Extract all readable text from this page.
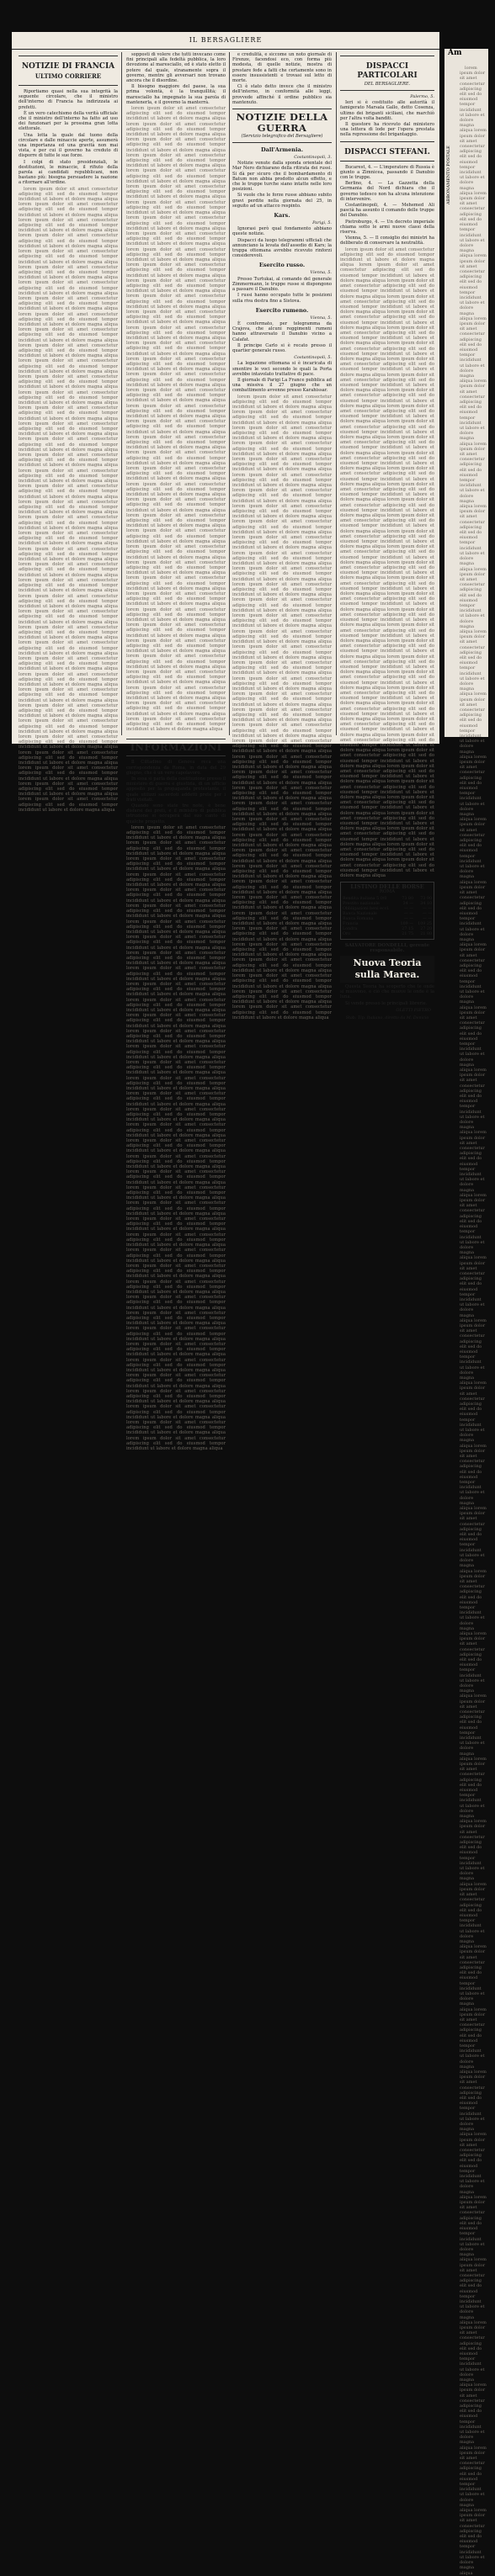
IL BERSAGLIERE
NOTIZIE DI FRANCIA
ULTIMO CORRIERE

Riportiamo quasi nella sua integrità la seguente circolare, che il ministro dell'interno di Francia ha indirizzata ai prefetti.

È un vero catechismo della verità ufficiale che il ministro dell'interno ha fatto ad uso dei funzionari per la prossima gran lotta elettorale.

Una lotta la quale dal tuono della circolare e dalle minaccie aperte, assumerà una importanza ed una gravità non mai vista, e per cui il governo ha creduto di disporre di tutte le sue forze.

I colpi di stato presidenziali, le destituzioni, le minaccie, il rifiuto della parola ai candidati repubblicani, non bastano più: bisogna persuadere la nazione a ritornare all'ordine.

lorem ipsum dolor sit amet consectetur adipiscing elit sed do eiusmod tempor incididunt ut labore et dolore magna aliqua lorem ipsum dolor sit amet consectetur adipiscing elit sed do eiusmod tempor incididunt ut labore et dolore magna aliqua lorem ipsum dolor sit amet consectetur adipiscing elit sed do eiusmod tempor incididunt ut labore et dolore magna aliqua lorem ipsum dolor sit amet consectetur adipiscing elit sed do eiusmod tempor incididunt ut labore et dolore magna aliqua lorem ipsum dolor sit amet consectetur adipiscing elit sed do eiusmod tempor incididunt ut labore et dolore magna aliqua lorem ipsum dolor sit amet consectetur adipiscing elit sed do eiusmod tempor incididunt ut labore et dolore magna aliqua lorem ipsum dolor sit amet consectetur adipiscing elit sed do eiusmod tempor incididunt ut labore et dolore magna aliqua lorem ipsum dolor sit amet consectetur adipiscing elit sed do eiusmod tempor incididunt ut labore et dolore magna aliqua lorem ipsum dolor sit amet consectetur adipiscing elit sed do eiusmod tempor incididunt ut labore et dolore magna aliqua lorem ipsum dolor sit amet consectetur adipiscing elit sed do eiusmod tempor incididunt ut labore et dolore magna aliqua lorem ipsum dolor sit amet consectetur adipiscing elit sed do eiusmod tempor incididunt ut labore et dolore magna aliqua lorem ipsum dolor sit amet consectetur adipiscing elit sed do eiusmod tempor incididunt ut labore et dolore magna aliqua lorem ipsum dolor sit amet consectetur adipiscing elit sed do eiusmod tempor incididunt ut labore et dolore magna aliqua lorem ipsum dolor sit amet consectetur adipiscing elit sed do eiusmod tempor incididunt ut labore et dolore magna aliqua lorem ipsum dolor sit amet consectetur adipiscing elit sed do eiusmod tempor incididunt ut labore et dolore magna aliqua lorem ipsum dolor sit amet consectetur adipiscing elit sed do eiusmod tempor incididunt ut labore et dolore magna aliqua lorem ipsum dolor sit amet consectetur adipiscing elit sed do eiusmod tempor incididunt ut labore et dolore magna aliqua lorem ipsum dolor sit amet consectetur adipiscing elit sed do eiusmod tempor incididunt ut labore et dolore magna aliqua lorem ipsum dolor sit amet consectetur adipiscing elit sed do eiusmod tempor incididunt ut labore et dolore magna aliqua lorem ipsum dolor sit amet consectetur adipiscing elit sed do eiusmod tempor incididunt ut labore et dolore magna aliqua lorem ipsum dolor sit amet consectetur adipiscing elit sed do eiusmod tempor incididunt ut labore et dolore magna aliqua lorem ipsum dolor sit amet consectetur adipiscing elit sed do eiusmod tempor incididunt ut labore et dolore magna aliqua lorem ipsum dolor sit amet consectetur adipiscing elit sed do eiusmod tempor incididunt ut labore et dolore magna aliqua lorem ipsum dolor sit amet consectetur adipiscing elit sed do eiusmod tempor incididunt ut labore et dolore magna aliqua lorem ipsum dolor sit amet consectetur adipiscing elit sed do eiusmod tempor incididunt ut labore et dolore magna aliqua lorem ipsum dolor sit amet consectetur adipiscing elit sed do eiusmod tempor incididunt ut labore et dolore magna aliqua lorem ipsum dolor sit amet consectetur adipiscing elit sed do eiusmod tempor incididunt ut labore et dolore magna aliqua lorem ipsum dolor sit amet consectetur adipiscing elit sed do eiusmod tempor incididunt ut labore et dolore magna aliqua lorem ipsum dolor sit amet consectetur adipiscing elit sed do eiusmod tempor incididunt ut labore et dolore magna aliqua lorem ipsum dolor sit amet consectetur adipiscing elit sed do eiusmod tempor incididunt ut labore et dolore magna aliqua lorem ipsum dolor sit amet consectetur adipiscing elit sed do eiusmod tempor incididunt ut labore et dolore magna aliqua lorem ipsum dolor sit amet consectetur adipiscing elit sed do eiusmod tempor incididunt ut labore et dolore magna aliqua lorem ipsum dolor sit amet consectetur adipiscing elit sed do eiusmod tempor incididunt ut labore et dolore magna aliqua lorem ipsum dolor sit amet consectetur adipiscing elit sed do eiusmod tempor incididunt ut labore et dolore magna aliqua lorem ipsum dolor sit amet consectetur adipiscing elit sed do eiusmod tempor incididunt ut labore et dolore magna aliqua lorem ipsum dolor sit amet consectetur adipiscing elit sed do eiusmod tempor incididunt ut labore et dolore magna aliqua lorem ipsum dolor sit amet consectetur adipiscing elit sed do eiusmod tempor incididunt ut labore et dolore magna aliqua lorem ipsum dolor sit amet consectetur adipiscing elit sed do eiusmod tempor incididunt ut labore et dolore magna aliqua lorem ipsum dolor sit amet consectetur adipiscing elit sed do eiusmod tempor incididunt ut labore et dolore magna aliqua lorem ipsum dolor sit amet consectetur adipiscing elit sed do eiusmod tempor incididunt ut labore et dolore magna aliqua

sopposti di volere che tutti invecano come fini principali alla fedeltà pubblica, la loro devozione al maresciallo, ed è stato eletto il potere dal quale, stranamente sopra il governo, mentre gli avversari non trovano ancora che il disordine.

Il bisogno maggiore del paese, la sua prima volontà, è la tranquillità; il maresciallo ha impegnato la sua parola di mantenerla, e il governo la manterrà.

lorem ipsum dolor sit amet consectetur adipiscing elit sed do eiusmod tempor incididunt ut labore et dolore magna aliqua lorem ipsum dolor sit amet consectetur adipiscing elit sed do eiusmod tempor incididunt ut labore et dolore magna aliqua lorem ipsum dolor sit amet consectetur adipiscing elit sed do eiusmod tempor incididunt ut labore et dolore magna aliqua lorem ipsum dolor sit amet consectetur adipiscing elit sed do eiusmod tempor incididunt ut labore et dolore magna aliqua lorem ipsum dolor sit amet consectetur adipiscing elit sed do eiusmod tempor incididunt ut labore et dolore magna aliqua lorem ipsum dolor sit amet consectetur adipiscing elit sed do eiusmod tempor incididunt ut labore et dolore magna aliqua lorem ipsum dolor sit amet consectetur adipiscing elit sed do eiusmod tempor incididunt ut labore et dolore magna aliqua lorem ipsum dolor sit amet consectetur adipiscing elit sed do eiusmod tempor incididunt ut labore et dolore magna aliqua lorem ipsum dolor sit amet consectetur adipiscing elit sed do eiusmod tempor incididunt ut labore et dolore magna aliqua lorem ipsum dolor sit amet consectetur adipiscing elit sed do eiusmod tempor incididunt ut labore et dolore magna aliqua lorem ipsum dolor sit amet consectetur adipiscing elit sed do eiusmod tempor incididunt ut labore et dolore magna aliqua lorem ipsum dolor sit amet consectetur adipiscing elit sed do eiusmod tempor incididunt ut labore et dolore magna aliqua lorem ipsum dolor sit amet consectetur adipiscing elit sed do eiusmod tempor incididunt ut labore et dolore magna aliqua lorem ipsum dolor sit amet consectetur adipiscing elit sed do eiusmod tempor incididunt ut labore et dolore magna aliqua lorem ipsum dolor sit amet consectetur adipiscing elit sed do eiusmod tempor incididunt ut labore et dolore magna aliqua lorem ipsum dolor sit amet consectetur adipiscing elit sed do eiusmod tempor incididunt ut labore et dolore magna aliqua lorem ipsum dolor sit amet consectetur adipiscing elit sed do eiusmod tempor incididunt ut labore et dolore magna aliqua lorem ipsum dolor sit amet consectetur adipiscing elit sed do eiusmod tempor incididunt ut labore et dolore magna aliqua lorem ipsum dolor sit amet consectetur adipiscing elit sed do eiusmod tempor incididunt ut labore et dolore magna aliqua lorem ipsum dolor sit amet consectetur adipiscing elit sed do eiusmod tempor incididunt ut labore et dolore magna aliqua lorem ipsum dolor sit amet consectetur adipiscing elit sed do eiusmod tempor incididunt ut labore et dolore magna aliqua lorem ipsum dolor sit amet consectetur adipiscing elit sed do eiusmod tempor incididunt ut labore et dolore magna aliqua lorem ipsum dolor sit amet consectetur adipiscing elit sed do eiusmod tempor incididunt ut labore et dolore magna aliqua lorem ipsum dolor sit amet consectetur adipiscing elit sed do eiusmod tempor incididunt ut labore et dolore magna aliqua lorem ipsum dolor sit amet consectetur adipiscing elit sed do eiusmod tempor incididunt ut labore et dolore magna aliqua lorem ipsum dolor sit amet consectetur adipiscing elit sed do eiusmod tempor incididunt ut labore et dolore magna aliqua lorem ipsum dolor sit amet consectetur adipiscing elit sed do eiusmod tempor incididunt ut labore et dolore magna aliqua lorem ipsum dolor sit amet consectetur adipiscing elit sed do eiusmod tempor incididunt ut labore et dolore magna aliqua lorem ipsum dolor sit amet consectetur adipiscing elit sed do eiusmod tempor incididunt ut labore et dolore magna aliqua lorem ipsum dolor sit amet consectetur adipiscing elit sed do eiusmod tempor incididunt ut labore et dolore magna aliqua lorem ipsum dolor sit amet consectetur adipiscing elit sed do eiusmod tempor incididunt ut labore et dolore magna aliqua lorem ipsum dolor sit amet consectetur adipiscing elit sed do eiusmod tempor incididunt ut labore et dolore magna aliqua lorem ipsum dolor sit amet consectetur adipiscing elit sed do eiusmod tempor incididunt ut labore et dolore magna aliqua lorem ipsum dolor sit amet consectetur adipiscing elit sed do eiusmod tempor incididunt ut labore et dolore magna aliqua lorem ipsum dolor sit amet consectetur adipiscing elit sed do eiusmod tempor incididunt ut labore et dolore magna aliqua lorem ipsum dolor sit amet consectetur adipiscing elit sed do eiusmod tempor incididunt ut labore et dolore magna aliqua lorem ipsum dolor sit amet consectetur adipiscing elit sed do eiusmod tempor incididunt ut labore et dolore magna aliqua lorem ipsum dolor sit amet consectetur adipiscing elit sed do eiusmod tempor incididunt ut labore et dolore magna aliqua lorem ipsum dolor sit amet consectetur adipiscing elit sed do eiusmod tempor incididunt ut labore et dolore magna aliqua lorem ipsum dolor sit amet consectetur adipiscing elit sed do eiusmod tempor incididunt ut labore et dolore magna aliqua
INFORMAZIONI

Il Cittadino di Genova reca una corrispondenza da Roma, in data del 29 giugno, che è un vero capolavoro.

In essa si parla della costituzione presso il ministero di guerra e giustizia, di un ufficio apposito per la propaganda protestante, il quale utilizzi sacerdoti addetti prete per i frati visitati.

Quando sono state tre note, è bene disfarsi dei preti, e il ministro di pubblica istruzione si occuperà dal suo canto di qualche progetto.

lorem ipsum dolor sit amet consectetur adipiscing elit sed do eiusmod tempor incididunt ut labore et dolore magna aliqua lorem ipsum dolor sit amet consectetur adipiscing elit sed do eiusmod tempor incididunt ut labore et dolore magna aliqua lorem ipsum dolor sit amet consectetur adipiscing elit sed do eiusmod tempor incididunt ut labore et dolore magna aliqua lorem ipsum dolor sit amet consectetur adipiscing elit sed do eiusmod tempor incididunt ut labore et dolore magna aliqua lorem ipsum dolor sit amet consectetur adipiscing elit sed do eiusmod tempor incididunt ut labore et dolore magna aliqua lorem ipsum dolor sit amet consectetur adipiscing elit sed do eiusmod tempor incididunt ut labore et dolore magna aliqua lorem ipsum dolor sit amet consectetur adipiscing elit sed do eiusmod tempor incididunt ut labore et dolore magna aliqua lorem ipsum dolor sit amet consectetur adipiscing elit sed do eiusmod tempor incididunt ut labore et dolore magna aliqua lorem ipsum dolor sit amet consectetur adipiscing elit sed do eiusmod tempor incididunt ut labore et dolore magna aliqua lorem ipsum dolor sit amet consectetur adipiscing elit sed do eiusmod tempor incididunt ut labore et dolore magna aliqua lorem ipsum dolor sit amet consectetur adipiscing elit sed do eiusmod tempor incididunt ut labore et dolore magna aliqua lorem ipsum dolor sit amet consectetur adipiscing elit sed do eiusmod tempor incididunt ut labore et dolore magna aliqua lorem ipsum dolor sit amet consectetur adipiscing elit sed do eiusmod tempor incididunt ut labore et dolore magna aliqua lorem ipsum dolor sit amet consectetur adipiscing elit sed do eiusmod tempor incididunt ut labore et dolore magna aliqua lorem ipsum dolor sit amet consectetur adipiscing elit sed do eiusmod tempor incididunt ut labore et dolore magna aliqua lorem ipsum dolor sit amet consectetur adipiscing elit sed do eiusmod tempor incididunt ut labore et dolore magna aliqua lorem ipsum dolor sit amet consectetur adipiscing elit sed do eiusmod tempor incididunt ut labore et dolore magna aliqua lorem ipsum dolor sit amet consectetur adipiscing elit sed do eiusmod tempor incididunt ut labore et dolore magna aliqua lorem ipsum dolor sit amet consectetur adipiscing elit sed do eiusmod tempor incididunt ut labore et dolore magna aliqua lorem ipsum dolor sit amet consectetur adipiscing elit sed do eiusmod tempor incididunt ut labore et dolore magna aliqua lorem ipsum dolor sit amet consectetur adipiscing elit sed do eiusmod tempor incididunt ut labore et dolore magna aliqua lorem ipsum dolor sit amet consectetur adipiscing elit sed do eiusmod tempor incididunt ut labore et dolore magna aliqua lorem ipsum dolor sit amet consectetur adipiscing elit sed do eiusmod tempor incididunt ut labore et dolore magna aliqua lorem ipsum dolor sit amet consectetur adipiscing elit sed do eiusmod tempor incididunt ut labore et dolore magna aliqua lorem ipsum dolor sit amet consectetur adipiscing elit sed do eiusmod tempor incididunt ut labore et dolore magna aliqua lorem ipsum dolor sit amet consectetur adipiscing elit sed do eiusmod tempor incididunt ut labore et dolore magna aliqua lorem ipsum dolor sit amet consectetur adipiscing elit sed do eiusmod tempor incididunt ut labore et dolore magna aliqua lorem ipsum dolor sit amet consectetur adipiscing elit sed do eiusmod tempor incididunt ut labore et dolore magna aliqua lorem ipsum dolor sit amet consectetur adipiscing elit sed do eiusmod tempor incididunt ut labore et dolore magna aliqua lorem ipsum dolor sit amet consectetur adipiscing elit sed do eiusmod tempor incididunt ut labore et dolore magna aliqua lorem ipsum dolor sit amet consectetur adipiscing elit sed do eiusmod tempor incididunt ut labore et dolore magna aliqua lorem ipsum dolor sit amet consectetur adipiscing elit sed do eiusmod tempor incididunt ut labore et dolore magna aliqua lorem ipsum dolor sit amet consectetur adipiscing elit sed do eiusmod tempor incididunt ut labore et dolore magna aliqua lorem ipsum dolor sit amet consectetur adipiscing elit sed do eiusmod tempor incididunt ut labore et dolore magna aliqua lorem ipsum dolor sit amet consectetur adipiscing elit sed do eiusmod tempor incididunt ut labore et dolore magna aliqua lorem ipsum dolor sit amet consectetur adipiscing elit sed do eiusmod tempor incididunt ut labore et dolore magna aliqua lorem ipsum dolor sit amet consectetur adipiscing elit sed do eiusmod tempor incididunt ut labore et dolore magna aliqua lorem ipsum dolor sit amet consectetur adipiscing elit sed do eiusmod tempor incididunt ut labore et dolore magna aliqua lorem ipsum dolor sit amet consectetur adipiscing elit sed do eiusmod tempor incididunt ut labore et dolore magna aliqua lorem ipsum dolor sit amet consectetur adipiscing elit sed do eiusmod tempor incididunt ut labore et dolore magna aliqua

e credulità, e siccome un noto giornale di Firenze, facendosi eco, con forma più modesta, di quelle notizie, mostra di prestare fede a fatti che certamente sono in essere insussistenti e trovasi sul letto di morte.

Ci è stato detto invece che il ministro dell'interno, in conformità alle leggi, provvede affinché il ordine pubblico sia mantenuto.

NOTIZIE DELLA GUERRA
(Servizio telegrafico del Bersagliere)
Dall'Armenia.
Costantinopoli, 3.

Notizie venute dalla sponda orientale del Mar Nero dichiarano della ritirata dei russi. Si dà per sicuro che il bombardamento di Batum non abbia prodotto alcun effetto, e che le truppe turche siano intatte nelle loro posizioni.

Si vuole che le forze russe abbiano subito gravi perdite nella giornata del 25, in seguito ad un attacco respinto.

Kars.
Parigi, 5.

Ignorasi però qual fondamento abbiano queste notizie.

Dispacci da luogo telegrammi ufficiali che annunciano la levata dell'assedio di Kars; la truppa ottomana avrebbe ricevuto rinforzi considerevoli.

Esercito russo.
Vienna, 5.

Presso Turtukai, al comando del generale Zimmermann, le truppe russe si dispongono a passare il Danubio.

I russi hanno occupato tutte le posizioni sulla riva destra fino a Sistova.

Esercito rumeno.
Vienna, 5.

È confermato, per telegramma da Crajova, che alcuni reggimenti rumeni hanno attraversato il Danubio vicino a Calafat.

Il principe Carlo si è recato presso il quartier generale russo.

Costantinopoli, 5.

La legazione ottomana si è incaricata di smentire le voci secondo le quali la Porta avrebbe intavolato trattative di pace.

Il giornale di Parigi La France pubblica ad una missiva il 27 giugno che un combattimento avvenne presso Karahissar.

lorem ipsum dolor sit amet consectetur adipiscing elit sed do eiusmod tempor incididunt ut labore et dolore magna aliqua lorem ipsum dolor sit amet consectetur adipiscing elit sed do eiusmod tempor incididunt ut labore et dolore magna aliqua lorem ipsum dolor sit amet consectetur adipiscing elit sed do eiusmod tempor incididunt ut labore et dolore magna aliqua lorem ipsum dolor sit amet consectetur adipiscing elit sed do eiusmod tempor incididunt ut labore et dolore magna aliqua lorem ipsum dolor sit amet consectetur adipiscing elit sed do eiusmod tempor incididunt ut labore et dolore magna aliqua lorem ipsum dolor sit amet consectetur adipiscing elit sed do eiusmod tempor incididunt ut labore et dolore magna aliqua lorem ipsum dolor sit amet consectetur adipiscing elit sed do eiusmod tempor incididunt ut labore et dolore magna aliqua lorem ipsum dolor sit amet consectetur adipiscing elit sed do eiusmod tempor incididunt ut labore et dolore magna aliqua lorem ipsum dolor sit amet consectetur adipiscing elit sed do eiusmod tempor incididunt ut labore et dolore magna aliqua lorem ipsum dolor sit amet consectetur adipiscing elit sed do eiusmod tempor incididunt ut labore et dolore magna aliqua lorem ipsum dolor sit amet consectetur adipiscing elit sed do eiusmod tempor incididunt ut labore et dolore magna aliqua lorem ipsum dolor sit amet consectetur adipiscing elit sed do eiusmod tempor incididunt ut labore et dolore magna aliqua lorem ipsum dolor sit amet consectetur adipiscing elit sed do eiusmod tempor incididunt ut labore et dolore magna aliqua lorem ipsum dolor sit amet consectetur adipiscing elit sed do eiusmod tempor incididunt ut labore et dolore magna aliqua lorem ipsum dolor sit amet consectetur adipiscing elit sed do eiusmod tempor incididunt ut labore et dolore magna aliqua lorem ipsum dolor sit amet consectetur adipiscing elit sed do eiusmod tempor incididunt ut labore et dolore magna aliqua lorem ipsum dolor sit amet consectetur adipiscing elit sed do eiusmod tempor incididunt ut labore et dolore magna aliqua lorem ipsum dolor sit amet consectetur adipiscing elit sed do eiusmod tempor incididunt ut labore et dolore magna aliqua lorem ipsum dolor sit amet consectetur adipiscing elit sed do eiusmod tempor incididunt ut labore et dolore magna aliqua lorem ipsum dolor sit amet consectetur adipiscing elit sed do eiusmod tempor incididunt ut labore et dolore magna aliqua lorem ipsum dolor sit amet consectetur adipiscing elit sed do eiusmod tempor incididunt ut labore et dolore magna aliqua lorem ipsum dolor sit amet consectetur adipiscing elit sed do eiusmod tempor incididunt ut labore et dolore magna aliqua lorem ipsum dolor sit amet consectetur adipiscing elit sed do eiusmod tempor incididunt ut labore et dolore magna aliqua lorem ipsum dolor sit amet consectetur adipiscing elit sed do eiusmod tempor incididunt ut labore et dolore magna aliqua lorem ipsum dolor sit amet consectetur adipiscing elit sed do eiusmod tempor incididunt ut labore et dolore magna aliqua lorem ipsum dolor sit amet consectetur adipiscing elit sed do eiusmod tempor incididunt ut labore et dolore magna aliqua lorem ipsum dolor sit amet consectetur adipiscing elit sed do eiusmod tempor incididunt ut labore et dolore magna aliqua lorem ipsum dolor sit amet consectetur adipiscing elit sed do eiusmod tempor incididunt ut labore et dolore magna aliqua lorem ipsum dolor sit amet consectetur adipiscing elit sed do eiusmod tempor incididunt ut labore et dolore magna aliqua lorem ipsum dolor sit amet consectetur adipiscing elit sed do eiusmod tempor incididunt ut labore et dolore magna aliqua lorem ipsum dolor sit amet consectetur adipiscing elit sed do eiusmod tempor incididunt ut labore et dolore magna aliqua lorem ipsum dolor sit amet consectetur adipiscing elit sed do eiusmod tempor incididunt ut labore et dolore magna aliqua lorem ipsum dolor sit amet consectetur adipiscing elit sed do eiusmod tempor incididunt ut labore et dolore magna aliqua lorem ipsum dolor sit amet consectetur adipiscing elit sed do eiusmod tempor incididunt ut labore et dolore magna aliqua lorem ipsum dolor sit amet consectetur adipiscing elit sed do eiusmod tempor incididunt ut labore et dolore magna aliqua lorem ipsum dolor sit amet consectetur adipiscing elit sed do eiusmod tempor incididunt ut labore et dolore magna aliqua lorem ipsum dolor sit amet consectetur adipiscing elit sed do eiusmod tempor incididunt ut labore et dolore magna aliqua lorem ipsum dolor sit amet consectetur adipiscing elit sed do eiusmod tempor incididunt ut labore et dolore magna aliqua lorem ipsum dolor sit amet consectetur adipiscing elit sed do eiusmod tempor incididunt ut labore et dolore magna aliqua lorem ipsum dolor sit amet consectetur adipiscing elit sed do eiusmod tempor incididunt ut labore et dolore magna aliqua
DISPACCI PARTICOLARI
DEL BERSAGLIERE.
Palermo, 5.

Ieri si è costituito alle autorità il famigerato Marsala Gallo, detto Cosenza, ultimo dei briganti siciliani, che marchiò per l'altra volta banditi.

Il questore ha ricevuto dal ministero una lettera di lode per l'opera prestata nella repressione del brigantaggio.

DISPACCI STEFANI.

Bucarest, 4. — L'imperatore di Russia è giunto a Zimnicea, passando il Danubio con le truppe.

Berlino, 4. — La Gazzetta della Germania del Nord dichiara che il governo tedesco non ha alcuna intenzione di intervenire.

Costantinopoli, 4. — Mehemed Ali pascià ha assunto il comando delle truppe del Danubio.

Pietroburgo, 4. — Un decreto imperiale chiama sotto le armi nuove classi della riserva.

Vienna, 5. — Il consiglio dei ministri ha deliberato di conservare la neutralità.

lorem ipsum dolor sit amet consectetur adipiscing elit sed do eiusmod tempor incididunt ut labore et dolore magna aliqua lorem ipsum dolor sit amet consectetur adipiscing elit sed do eiusmod tempor incididunt ut labore et dolore magna aliqua lorem ipsum dolor sit amet consectetur adipiscing elit sed do eiusmod tempor incididunt ut labore et dolore magna aliqua lorem ipsum dolor sit amet consectetur adipiscing elit sed do eiusmod tempor incididunt ut labore et dolore magna aliqua lorem ipsum dolor sit amet consectetur adipiscing elit sed do eiusmod tempor incididunt ut labore et dolore magna aliqua lorem ipsum dolor sit amet consectetur adipiscing elit sed do eiusmod tempor incididunt ut labore et dolore magna aliqua lorem ipsum dolor sit amet consectetur adipiscing elit sed do eiusmod tempor incididunt ut labore et dolore magna aliqua lorem ipsum dolor sit amet consectetur adipiscing elit sed do eiusmod tempor incididunt ut labore et dolore magna aliqua lorem ipsum dolor sit amet consectetur adipiscing elit sed do eiusmod tempor incididunt ut labore et dolore magna aliqua lorem ipsum dolor sit amet consectetur adipiscing elit sed do eiusmod tempor incididunt ut labore et dolore magna aliqua lorem ipsum dolor sit amet consectetur adipiscing elit sed do eiusmod tempor incididunt ut labore et dolore magna aliqua lorem ipsum dolor sit amet consectetur adipiscing elit sed do eiusmod tempor incididunt ut labore et dolore magna aliqua lorem ipsum dolor sit amet consectetur adipiscing elit sed do eiusmod tempor incididunt ut labore et dolore magna aliqua lorem ipsum dolor sit amet consectetur adipiscing elit sed do eiusmod tempor incididunt ut labore et dolore magna aliqua lorem ipsum dolor sit amet consectetur adipiscing elit sed do eiusmod tempor incididunt ut labore et dolore magna aliqua lorem ipsum dolor sit amet consectetur adipiscing elit sed do eiusmod tempor incididunt ut labore et dolore magna aliqua lorem ipsum dolor sit amet consectetur adipiscing elit sed do eiusmod tempor incididunt ut labore et dolore magna aliqua lorem ipsum dolor sit amet consectetur adipiscing elit sed do eiusmod tempor incididunt ut labore et dolore magna aliqua lorem ipsum dolor sit amet consectetur adipiscing elit sed do eiusmod tempor incididunt ut labore et dolore magna aliqua lorem ipsum dolor sit amet consectetur adipiscing elit sed do eiusmod tempor incididunt ut labore et dolore magna aliqua lorem ipsum dolor sit amet consectetur adipiscing elit sed do eiusmod tempor incididunt ut labore et dolore magna aliqua lorem ipsum dolor sit amet consectetur adipiscing elit sed do eiusmod tempor incididunt ut labore et dolore magna aliqua lorem ipsum dolor sit amet consectetur adipiscing elit sed do eiusmod tempor incididunt ut labore et dolore magna aliqua lorem ipsum dolor sit amet consectetur adipiscing elit sed do eiusmod tempor incididunt ut labore et dolore magna aliqua lorem ipsum dolor sit amet consectetur adipiscing elit sed do eiusmod tempor incididunt ut labore et dolore magna aliqua lorem ipsum dolor sit amet consectetur adipiscing elit sed do eiusmod tempor incididunt ut labore et dolore magna aliqua lorem ipsum dolor sit amet consectetur adipiscing elit sed do eiusmod tempor incididunt ut labore et dolore magna aliqua lorem ipsum dolor sit amet consectetur adipiscing elit sed do eiusmod tempor incididunt ut labore et dolore magna aliqua lorem ipsum dolor sit amet consectetur adipiscing elit sed do eiusmod tempor incididunt ut labore et dolore magna aliqua lorem ipsum dolor sit amet consectetur adipiscing elit sed do eiusmod tempor incididunt ut labore et dolore magna aliqua lorem ipsum dolor sit amet consectetur adipiscing elit sed do eiusmod tempor incididunt ut labore et dolore magna aliqua lorem ipsum dolor sit amet consectetur adipiscing elit sed do eiusmod tempor incididunt ut labore et dolore magna aliqua lorem ipsum dolor sit amet consectetur adipiscing elit sed do eiusmod tempor incididunt ut labore et dolore magna aliqua lorem ipsum dolor sit amet consectetur adipiscing elit sed do eiusmod tempor incididunt ut labore et dolore magna aliqua lorem ipsum dolor sit amet consectetur adipiscing elit sed do eiusmod tempor incididunt ut labore et dolore magna aliqua lorem ipsum dolor sit amet consectetur adipiscing elit sed do eiusmod tempor incididunt ut labore et dolore magna aliqua lorem ipsum dolor sit amet consectetur adipiscing elit sed do eiusmod tempor incididunt ut labore et dolore magna aliqua lorem ipsum dolor sit amet consectetur adipiscing elit sed do eiusmod tempor incididunt ut labore et dolore magna aliqua lorem ipsum dolor sit amet consectetur adipiscing elit sed do eiusmod tempor incididunt ut labore et dolore magna aliqua lorem ipsum dolor sit amet consectetur adipiscing elit sed do eiusmod tempor incididunt ut labore et dolore magna aliqua
LISTINO DELLE BORSE
ROMA
Rendita italiana 5 0/0	73 80	73 90
Prestito nazionale	34 —	34 10
Obbligazioni beni eccl.	— —	— —
Banca Nazionale	— —	— —
Banca Romana	— —	— —
Francia	109 —	109 25
Londra	27 15	27 20
Oro	21 75	21 80
SALVATORE DONDELLI, gerente responsabile.
Nuova Teoria sulla Marea.

Questa Teoria ha scoperto che le onde si muovono, e ciò che muove le onde è la luna.

Si vende presso le principali librerie.

OLETTI PIETRO
Stab. Tip. Italiano, diretto da M. Denicio
Am
ABBONAMENTO POSTALE
lorem ipsum dolor sit amet consectetur adipiscing elit sed do eiusmod tempor incididunt ut labore et dolore magna aliqua lorem ipsum dolor sit amet consectetur adipiscing elit sed do eiusmod tempor incididunt ut labore et dolore magna aliqua lorem ipsum dolor sit amet consectetur adipiscing elit sed do eiusmod tempor incididunt ut labore et dolore magna aliqua lorem ipsum dolor sit amet consectetur adipiscing elit sed do eiusmod tempor incididunt ut labore et dolore magna aliqua lorem ipsum dolor sit amet consectetur adipiscing elit sed do eiusmod tempor incididunt ut labore et dolore magna aliqua lorem ipsum dolor sit amet consectetur adipiscing elit sed do eiusmod tempor incididunt ut labore et dolore magna aliqua lorem ipsum dolor sit amet consectetur adipiscing elit sed do eiusmod tempor incididunt ut labore et dolore magna aliqua lorem ipsum dolor sit amet consectetur adipiscing elit sed do eiusmod tempor incididunt ut labore et dolore magna aliqua lorem ipsum dolor sit amet consectetur adipiscing elit sed do eiusmod tempor incididunt ut labore et dolore magna aliqua lorem ipsum dolor sit amet consectetur adipiscing elit sed do eiusmod tempor incididunt ut labore et dolore magna aliqua lorem ipsum dolor sit amet consectetur adipiscing elit sed do eiusmod tempor incididunt ut labore et dolore magna aliqua lorem ipsum dolor sit amet consectetur adipiscing elit sed do eiusmod tempor incididunt ut labore et dolore magna aliqua lorem ipsum dolor sit amet consectetur adipiscing elit sed do eiusmod tempor incididunt ut labore et dolore magna aliqua lorem ipsum dolor sit amet consectetur adipiscing elit sed do eiusmod tempor incididunt ut labore et dolore magna aliqua lorem ipsum dolor sit amet consectetur adipiscing elit sed do eiusmod tempor incididunt ut labore et dolore magna aliqua lorem ipsum dolor sit amet consectetur adipiscing elit sed do eiusmod tempor incididunt ut labore et dolore magna aliqua lorem ipsum dolor sit amet consectetur adipiscing elit sed do eiusmod tempor incididunt ut labore et dolore magna aliqua lorem ipsum dolor sit amet consectetur adipiscing elit sed do eiusmod tempor incididunt ut labore et dolore magna aliqua lorem ipsum dolor sit amet consectetur adipiscing elit sed do eiusmod tempor incididunt ut labore et dolore magna aliqua lorem ipsum dolor sit amet consectetur adipiscing elit sed do eiusmod tempor incididunt ut labore et dolore magna aliqua lorem ipsum dolor sit amet consectetur adipiscing elit sed do eiusmod tempor incididunt ut labore et dolore magna aliqua lorem ipsum dolor sit amet consectetur adipiscing elit sed do eiusmod tempor incididunt ut labore et dolore magna aliqua lorem ipsum dolor sit amet consectetur adipiscing elit sed do eiusmod tempor incididunt ut labore et dolore magna aliqua lorem ipsum dolor sit amet consectetur adipiscing elit sed do eiusmod tempor incididunt ut labore et dolore magna aliqua lorem ipsum dolor sit amet consectetur adipiscing elit sed do eiusmod tempor incididunt ut labore et dolore magna aliqua lorem ipsum dolor sit amet consectetur adipiscing elit sed do eiusmod tempor incididunt ut labore et dolore magna aliqua lorem ipsum dolor sit amet consectetur adipiscing elit sed do eiusmod tempor incididunt ut labore et dolore magna aliqua lorem ipsum dolor sit amet consectetur adipiscing elit sed do eiusmod tempor incididunt ut labore et dolore magna aliqua lorem ipsum dolor sit amet consectetur adipiscing elit sed do eiusmod tempor incididunt ut labore et dolore magna aliqua lorem ipsum dolor sit amet consectetur adipiscing elit sed do eiusmod tempor incididunt ut labore et dolore magna aliqua lorem ipsum dolor sit amet consectetur adipiscing elit sed do eiusmod tempor incididunt ut labore et dolore magna aliqua lorem ipsum dolor sit amet consectetur adipiscing elit sed do eiusmod tempor incididunt ut labore et dolore magna aliqua lorem ipsum dolor sit amet consectetur adipiscing elit sed do eiusmod tempor incididunt ut labore et dolore magna aliqua lorem ipsum dolor sit amet consectetur adipiscing elit sed do eiusmod tempor incididunt ut labore et dolore magna aliqua lorem ipsum dolor sit amet consectetur adipiscing elit sed do eiusmod tempor incididunt ut labore et dolore magna aliqua lorem ipsum dolor sit amet consectetur adipiscing elit sed do eiusmod tempor incididunt ut labore et dolore magna aliqua lorem ipsum dolor sit amet consectetur adipiscing elit sed do eiusmod tempor incididunt ut labore et dolore magna aliqua lorem ipsum dolor sit amet consectetur adipiscing elit sed do eiusmod tempor incididunt ut labore et dolore magna aliqua lorem ipsum dolor sit amet consectetur adipiscing elit sed do eiusmod tempor incididunt ut labore et dolore magna aliqua lorem ipsum dolor sit amet consectetur adipiscing elit sed do eiusmod tempor incididunt ut labore et dolore magna aliqua
